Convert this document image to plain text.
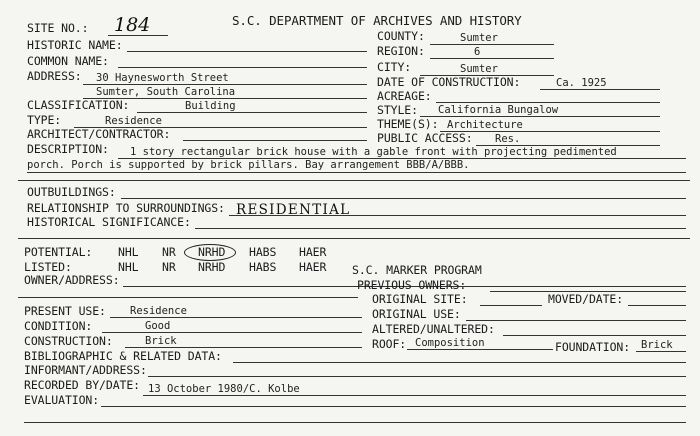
S.C. DEPARTMENT OF ARCHIVES AND HISTORY
SITE NO.: 184
HISTORIC NAME:
COMMON NAME:
ADDRESS: 30 Haynesworth Street
Sumter, South Carolina
CLASSIFICATION:	Building
TYPE:	Residence
ARCHITECT/CONTRACTOR:
COUNTY:	Sumter
REGION:	6
CITY:	Sumter
DATE OF CONSTRUCTION:	Ca. 1925
ACREAGE:
STYLE: California Bungalow
THEME(S): Architecture
PUBLIC ACCESS: Res.
DESCRIPTION: 1 story rectangular brick house with a gable front with projecting pedimented
porch. Porch is supported by brick pillars. Bay arrangement BBB/A/BBB.
OUTBUILDINGS:
RELATIONSHIP TO SURROUNDINGS: RESIDENTIAL
HISTORICAL SIGNIFICANCE:
POTENTIAL: NHL NR NRHD HABS HAER
LISTED:	NHL NR NRHD HABS HAER S.C. MARKER PROGRAM
OWNER/ADDRESS:	PREVIOUS OWNERS:
ORIGINAL SITE:	MOVED/DATE:
PRESENT USE: Residence	ORIGINAL USE:
CONDITION:	Good	ALTERED/UNALTERED:
CONSTRUCTION:	Brick	ROOF: Composition	FOUNDATION: Brick
BIBLIOGRAPHIC & RELATED DATA:
INFORMANT/ADDRESS:
RECORDED BY/DATE: 13 October 1980/C. Kolbe
EVALUATION:
